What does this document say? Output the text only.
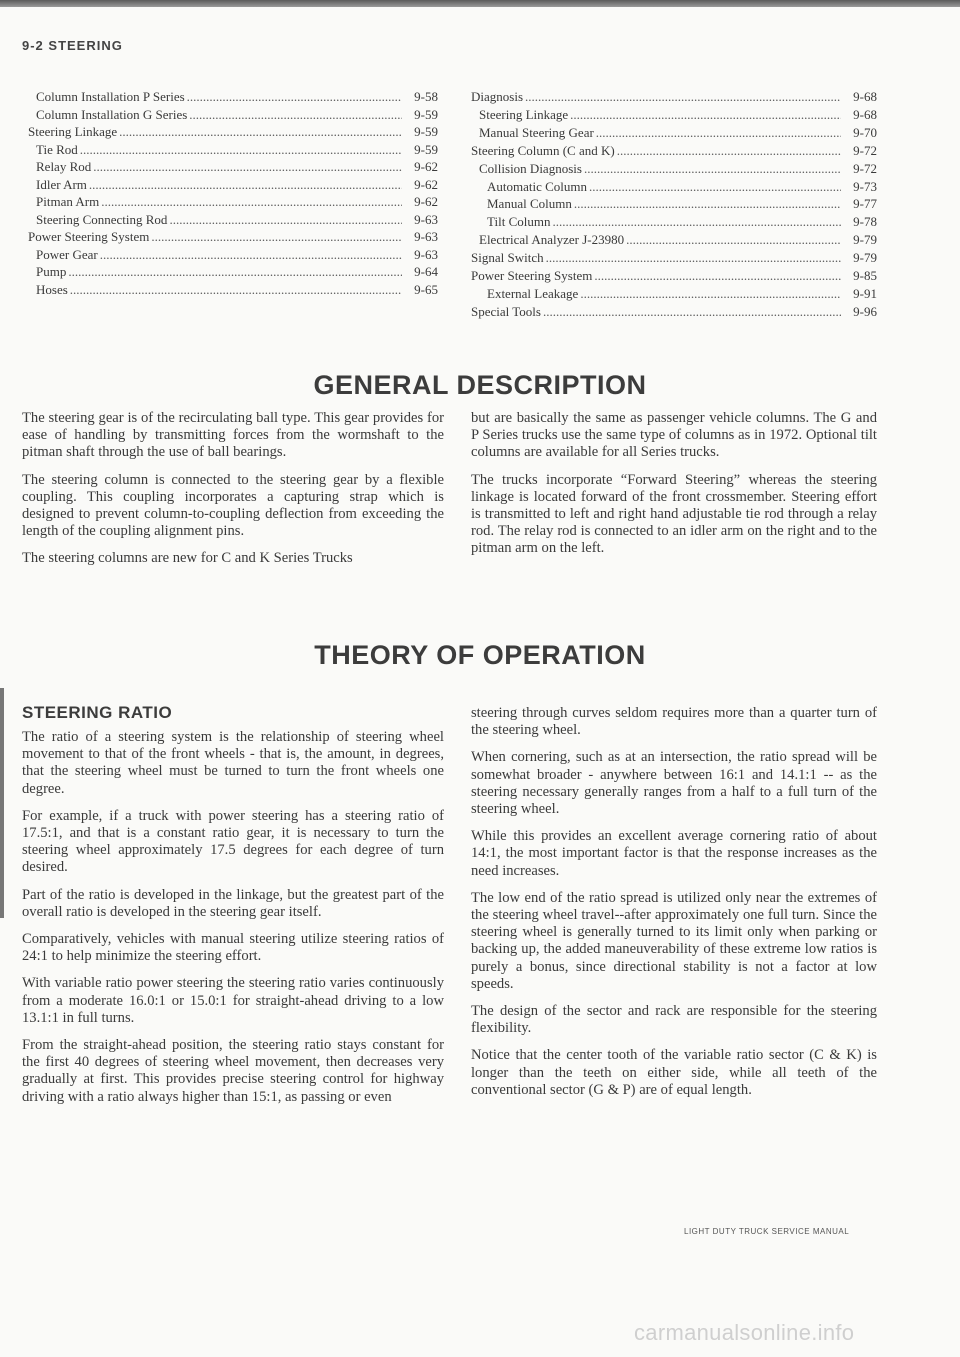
9-2 STEERING
Column Installation P Series .....	9-58
Column Installation G Series .....	9-59
Steering Linkage .....	9-59
Tie Rod .....	9-59
Relay Rod .....	9-62
Idler Arm .....	9-62
Pitman Arm .....	9-62
Steering Connecting Rod .....	9-63
Power Steering System .....	9-63
Power Gear .....	9-63
Pump .....	9-64
Hoses .....	9-65
Diagnosis .....	9-68
Steering Linkage .....	9-68
Manual Steering Gear .....	9-70
Steering Column (C and K) .....	9-72
Collision Diagnosis .....	9-72
Automatic Column .....	9-73
Manual Column .....	9-77
Tilt Column .....	9-78
Electrical Analyzer J-23980 .....	9-79
Signal Switch .....	9-79
Power Steering System .....	9-85
External Leakage .....	9-91
Special Tools .....	9-96
GENERAL DESCRIPTION

The steering gear is of the recirculating ball type. This gear provides for ease of handling by transmitting forces from the wormshaft to the pitman shaft through the use of ball bearings.

The steering column is connected to the steering gear by a flexible coupling. This coupling incorporates a capturing strap which is designed to prevent column-to-coupling deflection from exceeding the length of the coupling alignment pins.

The steering columns are new for C and K Series Trucks

but are basically the same as passenger vehicle columns. The G and P Series trucks use the same type of columns as in 1972. Optional tilt columns are available for all Series trucks.

The trucks incorporate “Forward Steering” whereas the steering linkage is located forward of the front crossmember. Steering effort is transmitted to left and right hand adjustable tie rod through a relay rod. The relay rod is connected to an idler arm on the right and to the pitman arm on the left.

THEORY OF OPERATION
STEERING RATIO

The ratio of a steering system is the relationship of steering wheel movement to that of the front wheels - that is, the amount, in degrees, that the steering wheel must be turned to turn the front wheels one degree.

For example, if a truck with power steering has a steering ratio of 17.5:1, and that is a constant ratio gear, it is necessary to turn the steering wheel approximately 17.5 degrees for each degree of turn desired.

Part of the ratio is developed in the linkage, but the greatest part of the overall ratio is developed in the steering gear itself.

Comparatively, vehicles with manual steering utilize steering ratios of 24:1 to help minimize the steering effort.

With variable ratio power steering the steering ratio varies continuously from a moderate 16.0:1 or 15.0:1 for straight-ahead driving to a low 13.1:1 in full turns.

From the straight-ahead position, the steering ratio stays constant for the first 40 degrees of steering wheel movement, then decreases very gradually at first. This provides precise steering control for highway driving with a ratio always higher than 15:1, as passing or even

steering through curves seldom requires more than a quarter turn of the steering wheel.

When cornering, such as at an intersection, the ratio spread will be somewhat broader - anywhere between 16:1 and 14.1:1 -- as the steering necessary generally ranges from a half to a full turn of the steering wheel.

While this provides an excellent average cornering ratio of about 14:1, the most important factor is that the response increases as the need increases.

The low end of the ratio spread is utilized only near the extremes of the steering wheel travel--after approximately one full turn. Since the steering wheel is generally turned to its limit only when parking or backing up, the added maneuverability of these extreme low ratios is purely a bonus, since directional stability is not a factor at low speeds.

The design of the sector and rack are responsible for the steering flexibility.

Notice that the center tooth of the variable ratio sector (C & K) is longer than the teeth on either side, while all teeth of the conventional sector (G & P) are of equal length.

LIGHT DUTY TRUCK SERVICE MANUAL
carmanualsonline.info
